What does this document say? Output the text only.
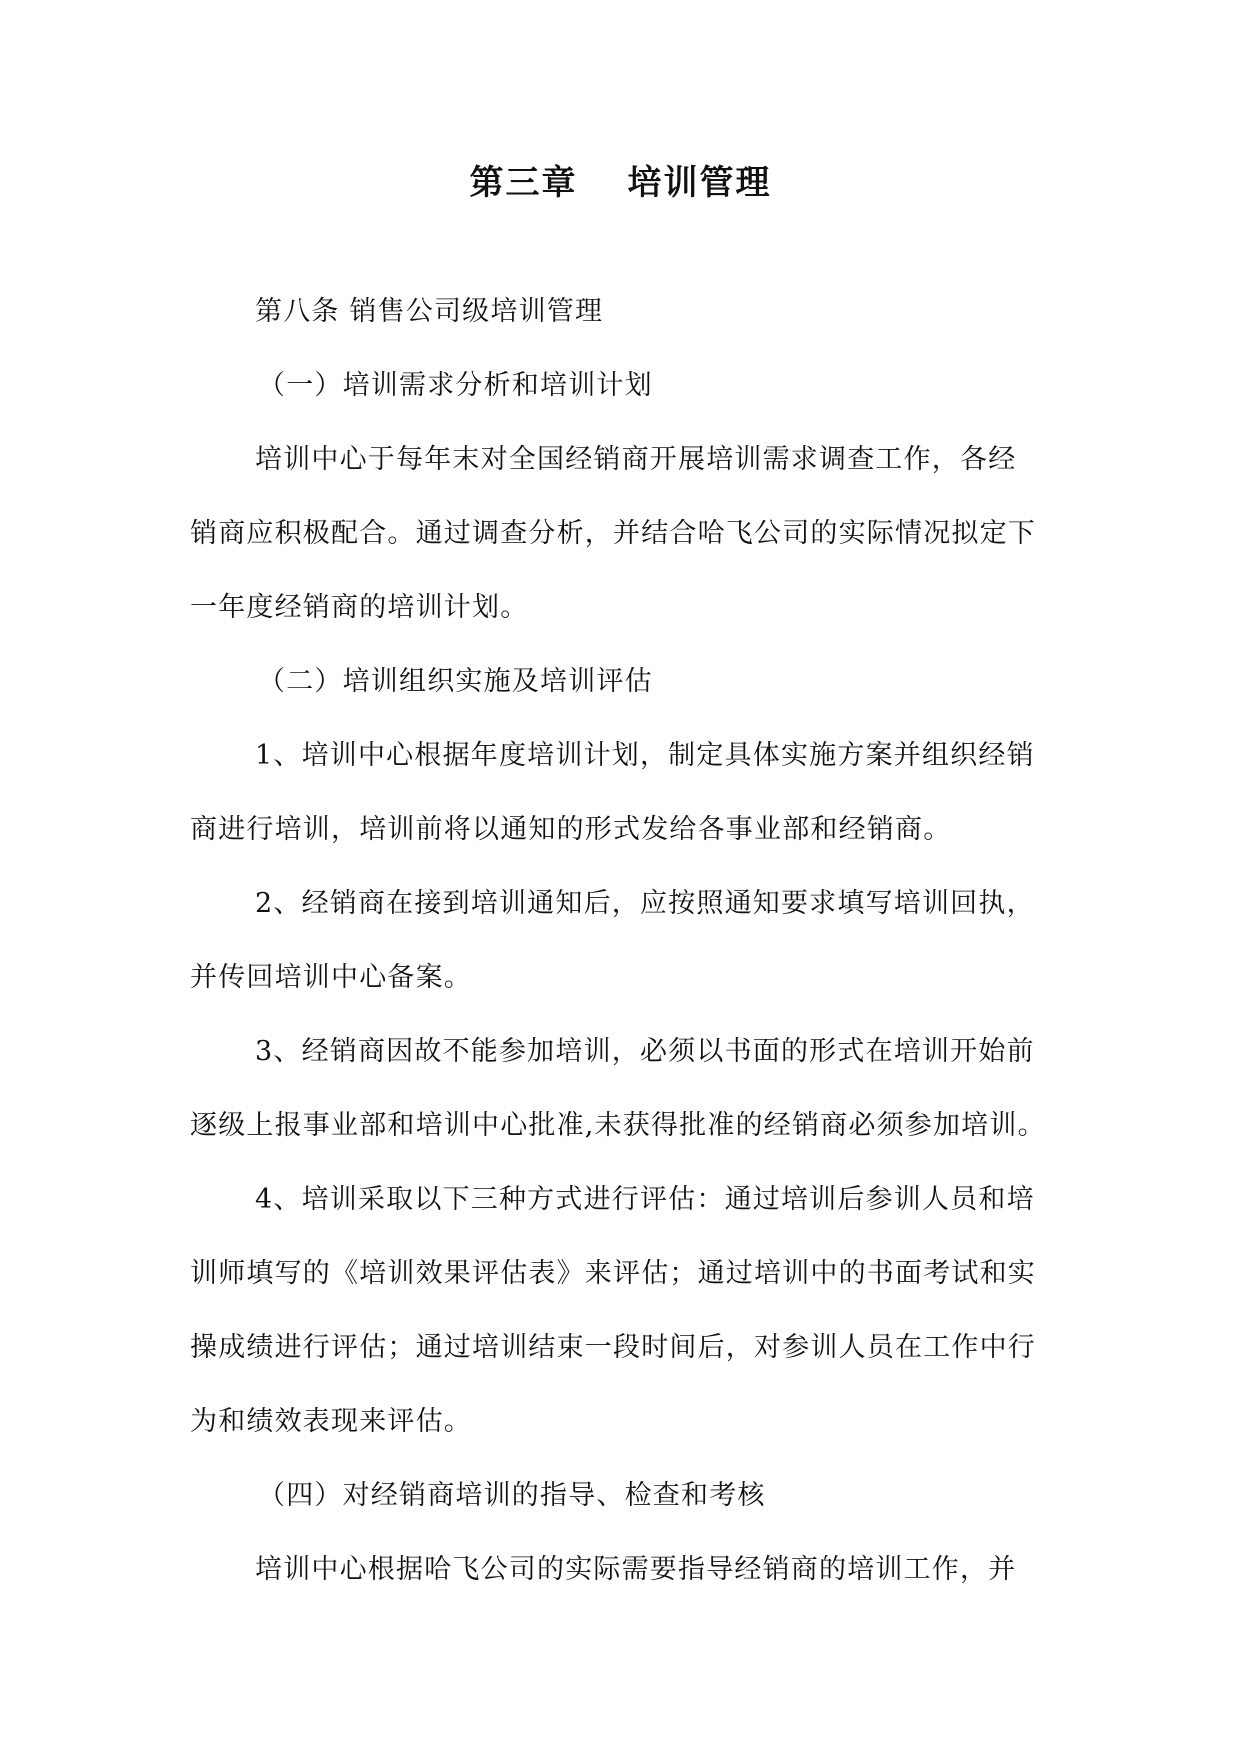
第三章 培训管理
第八条 销售公司级培训管理
（一）培训需求分析和培训计划
培训中心于每年末对全国经销商开展培训需求调查工作，各经
销商应积极配合。通过调查分析，并结合哈飞公司的实际情况拟定下
一年度经销商的培训计划。
（二）培训组织实施及培训评估
1、培训中心根据年度培训计划，制定具体实施方案并组织经销
商进行培训，培训前将以通知的形式发给各事业部和经销商。
2、经销商在接到培训通知后，应按照通知要求填写培训回执，
并传回培训中心备案。
3、经销商因故不能参加培训，必须以书面的形式在培训开始前
逐级上报事业部和培训中心批准,未获得批准的经销商必须参加培训。
4、培训采取以下三种方式进行评估：通过培训后参训人员和培
训师填写的《培训效果评估表》来评估；通过培训中的书面考试和实
操成绩进行评估；通过培训结束一段时间后，对参训人员在工作中行
为和绩效表现来评估。
（四）对经销商培训的指导、检查和考核
培训中心根据哈飞公司的实际需要指导经销商的培训工作，并
